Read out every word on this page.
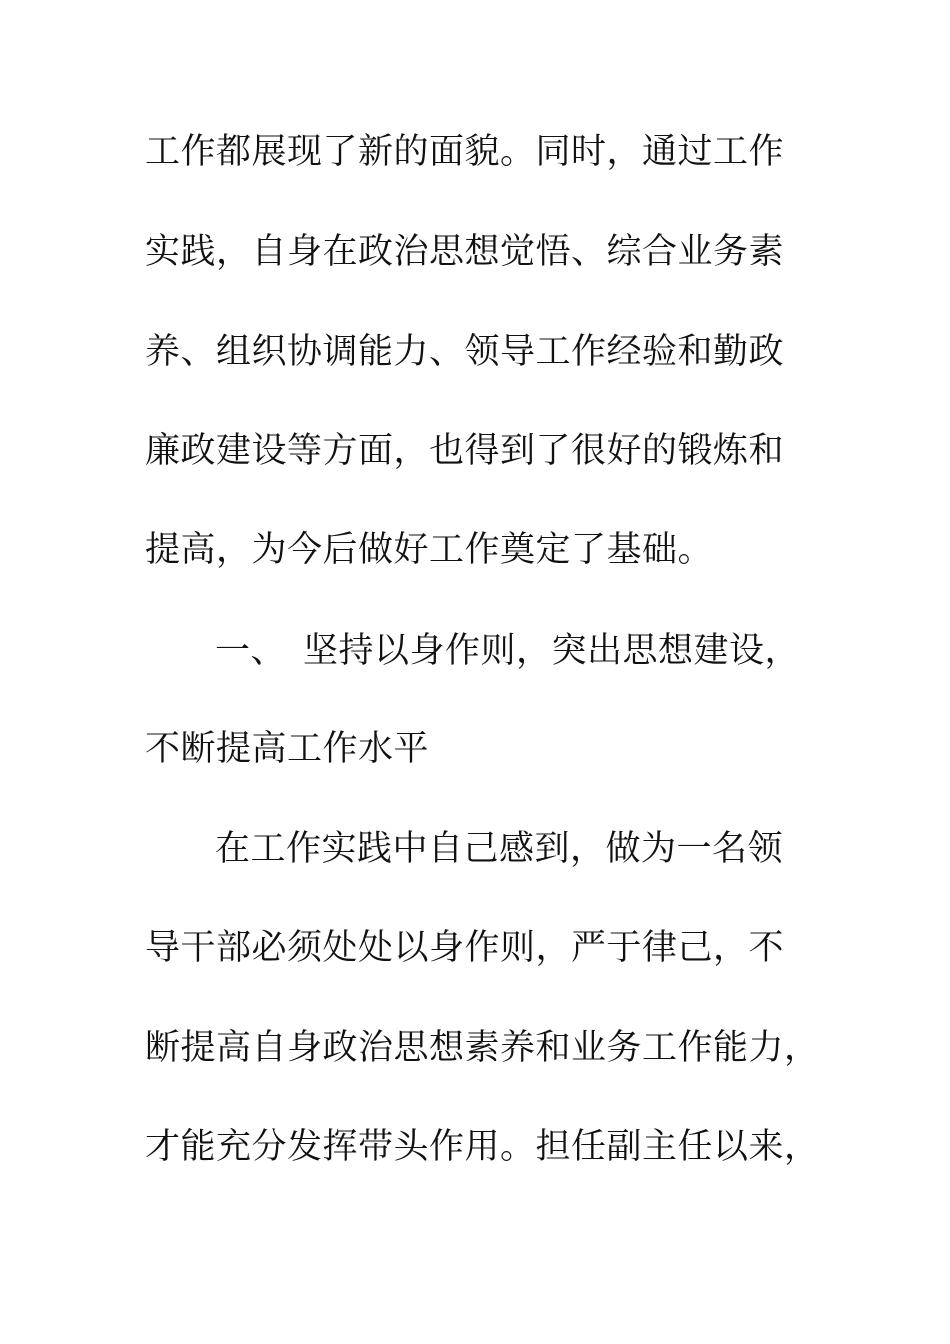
工作都展现了新的面貌。同时，通过工作
实践，自身在政治思想觉悟、综合业务素
养、组织协调能力、领导工作经验和勤政
廉政建设等方面，也得到了很好的锻炼和
提高，为今后做好工作奠定了基础。
一、 坚持以身作则，突出思想建设，
不断提高工作水平
在工作实践中自己感到，做为一名领
导干部必须处处以身作则，严于律己，不
断提高自身政治思想素养和业务工作能力，
才能充分发挥带头作用。担任副主任以来，
